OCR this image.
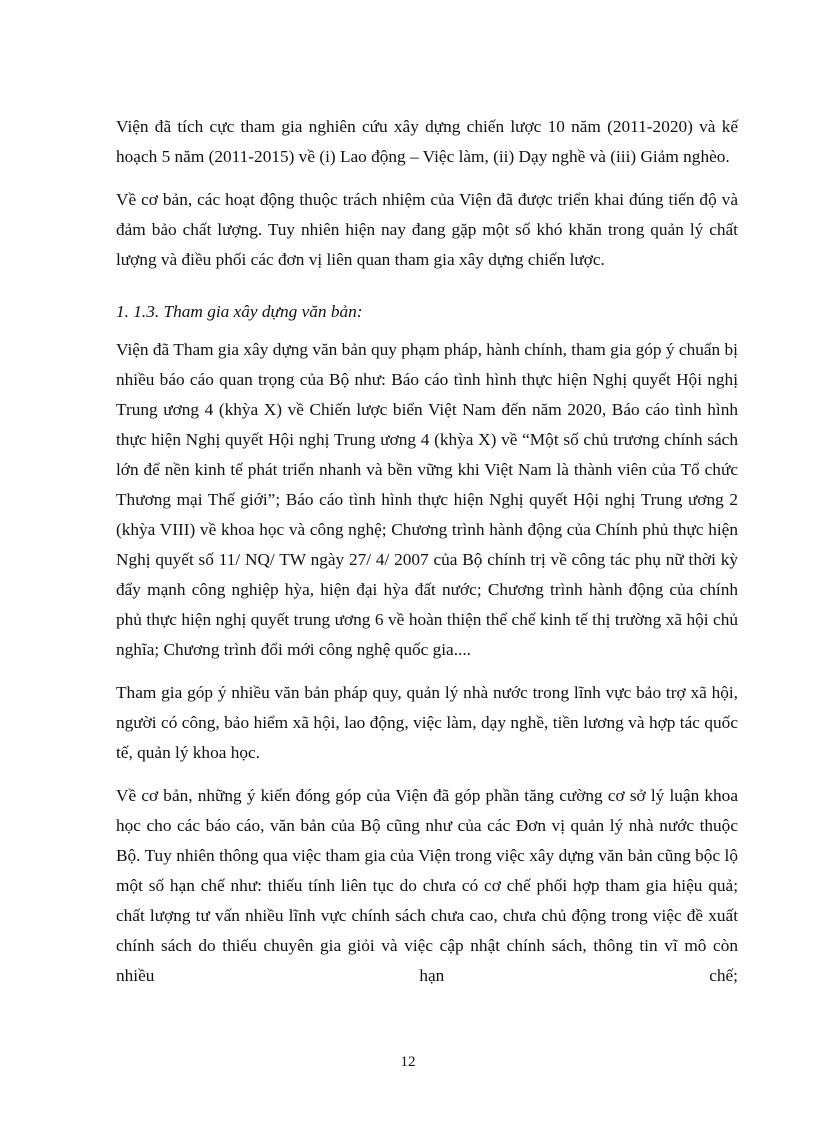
Viện đã tích cực tham gia nghiên cứu xây dựng chiến lược 10 năm (2011-2020) và kế hoạch 5 năm (2011-2015) về (i) Lao động – Việc làm, (ii) Dạy nghề và (iii) Giảm nghèo.

Về cơ bản, các hoạt động thuộc trách nhiệm của Viện đã được triển khai đúng tiến độ và đảm bảo chất lượng. Tuy nhiên hiện nay đang gặp một số khó khăn trong quản lý chất lượng và điều phối các đơn vị liên quan tham gia xây dựng chiến lược.

1. 1.3. Tham gia xây dựng văn bản:

Viện đã Tham gia xây dựng văn bản quy phạm pháp, hành chính, tham gia góp ý chuẩn bị nhiều báo cáo quan trọng của Bộ như: Báo cáo tình hình thực hiện Nghị quyết Hội nghị Trung ương 4 (khỳa X) về Chiến lược biển Việt Nam đến năm 2020, Báo cáo tình hình thực hiện Nghị quyết Hội nghị Trung ương 4 (khỳa X) về “Một số chủ trương chính sách lớn để nền kinh tế phát triển nhanh và bền vững khi Việt Nam là thành viên của Tổ chức Thương mại Thế giới”; Báo cáo tình hình thực hiện Nghị quyết Hội nghị Trung ương 2 (khỳa VIII) về khoa học và công nghệ; Chương trình hành động của Chính phủ thực hiện Nghị quyết số 11/ NQ/ TW ngày 27/ 4/ 2007 của Bộ chính trị về công tác phụ nữ thời kỳ đẩy mạnh công nghiệp hỳa, hiện đại hỳa đất nước; Chương trình hành động của chính phủ thực hiện nghị quyết trung ương 6 về hoàn thiện thể chế kinh tế thị trường xã hội chủ nghĩa; Chương trình đổi mới công nghệ quốc gia....

Tham gia góp ý nhiều văn bản pháp quy, quản lý nhà nước trong lĩnh vực bảo trợ xã hội, người có công, bảo hiểm xã hội, lao động, việc làm, dạy nghề, tiền lương và hợp tác quốc tế, quản lý khoa học.

Về cơ bản, những ý kiến đóng góp của Viện đã góp phần tăng cường cơ sở lý luận khoa học cho các báo cáo, văn bản của Bộ cũng như của các Đơn vị quản lý nhà nước thuộc Bộ. Tuy nhiên thông qua việc tham gia của Viện trong việc xây dựng văn bản cũng bộc lộ một số hạn chế như: thiếu tính liên tục do chưa có cơ chế phối hợp tham gia hiệu quả; chất lượng tư vấn nhiều lĩnh vực chính sách chưa cao, chưa chủ động trong việc đề xuất chính sách do thiếu chuyên gia giỏi và việc cập nhật chính sách, thông tin vĩ mô còn nhiều hạn chế;

12
